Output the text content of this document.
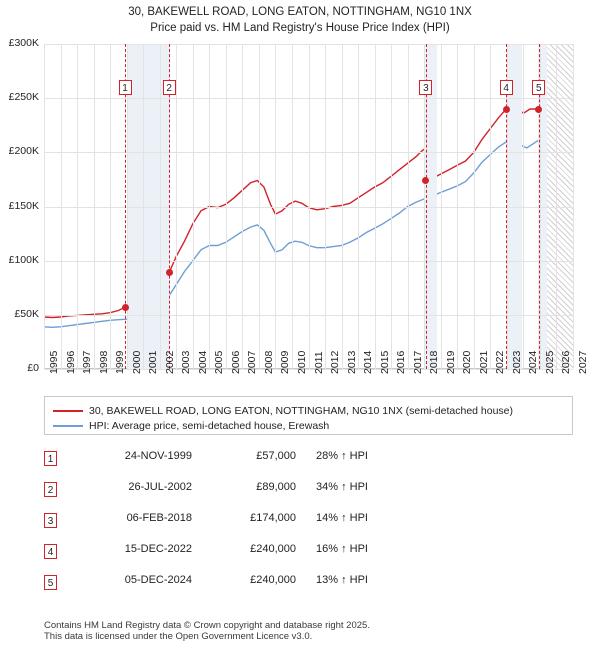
30, BAKEWELL ROAD, LONG EATON, NOTTINGHAM, NG10 1NX
Price paid vs. HM Land Registry's House Price Index (HPI)
1	2	3	4	5
30, BAKEWELL ROAD, LONG EATON, NOTTINGHAM, NG10 1NX (semi-detached house)
HPI: Average price, semi-detached house, Erewash
1	24-NOV-1999	£57,000 28% ↑ HPI
2	26-JUL-2002	£89,000 34% ↑ HPI
3	06-FEB-2018	£174,000 14% ↑ HPI
4	15-DEC-2022	£240,000 16% ↑ HPI
5	05-DEC-2024	£240,000 13% ↑ HPI
Contains HM Land Registry data © Crown copyright and database right 2025.
This data is licensed under the Open Government Licence v3.0.
£0
£50K
£100K
£150K
£200K
£250K
£300K
1995 1996 1997 1998 1999 2000 2001 2002 2003 2004 2005 2006 2007 2008 2009 2010 2011 2012 2013 2014 2015 2016 2017 2018 2019 2020 2021 2022 2023 2024 2025 2026 2027
